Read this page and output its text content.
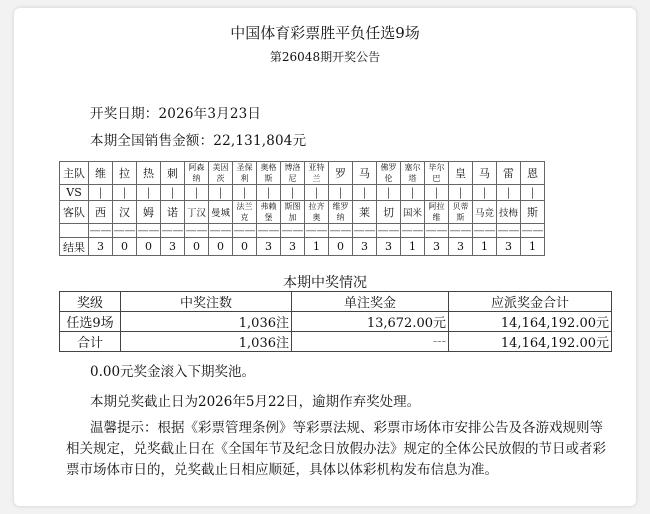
中国体育彩票胜平负任选9场
第26048期开奖公告
开奖日期：2026年3月23日
本期全国销售金额：22,131,804元
主队	维	拉	热	刺	阿森纳	美因茨	圣保利	奥格斯	博洛尼	亚特兰	罗	马	佛罗伦	塞尔塔	毕尔巴	皇	马	雷	恩
VS	|	|	|	|	|	|	|	|	|	|	|	|	|	|	|	|	|	|	|
客队	西	汉	姆	诺	丁汉	曼城	法兰克	弗赖堡	斯图加	拉齐奥	维罗纳	莱	切	国米	阿拉维	贝蒂斯	马竞	技梅	斯
	——	——	——	——	——	——	——	——	——	——	——	——	——	——	——	——	——	——	——
结果	3	0	0	3	0	0	0	3	3	1	0	3	3	1	3	3	1	3	1
本期中奖情况
奖级	中奖注数	单注奖金	应派奖金合计
任选9场	1,036注	13,672.00元	14,164,192.00元
合计	1,036注	---	14,164,192.00元
0.00元奖金滚入下期奖池。
本期兑奖截止日为2026年5月22日，逾期作弃奖处理。
温馨提示：根据《彩票管理条例》等彩票法规、彩票市场体市安排公告及各游戏规则等相关规定，兑奖截止日在《全国年节及纪念日放假办法》规定的全体公民放假的节日或者彩票市场体市日的，兑奖截止日相应顺延，具体以体彩机构发布信息为准。
